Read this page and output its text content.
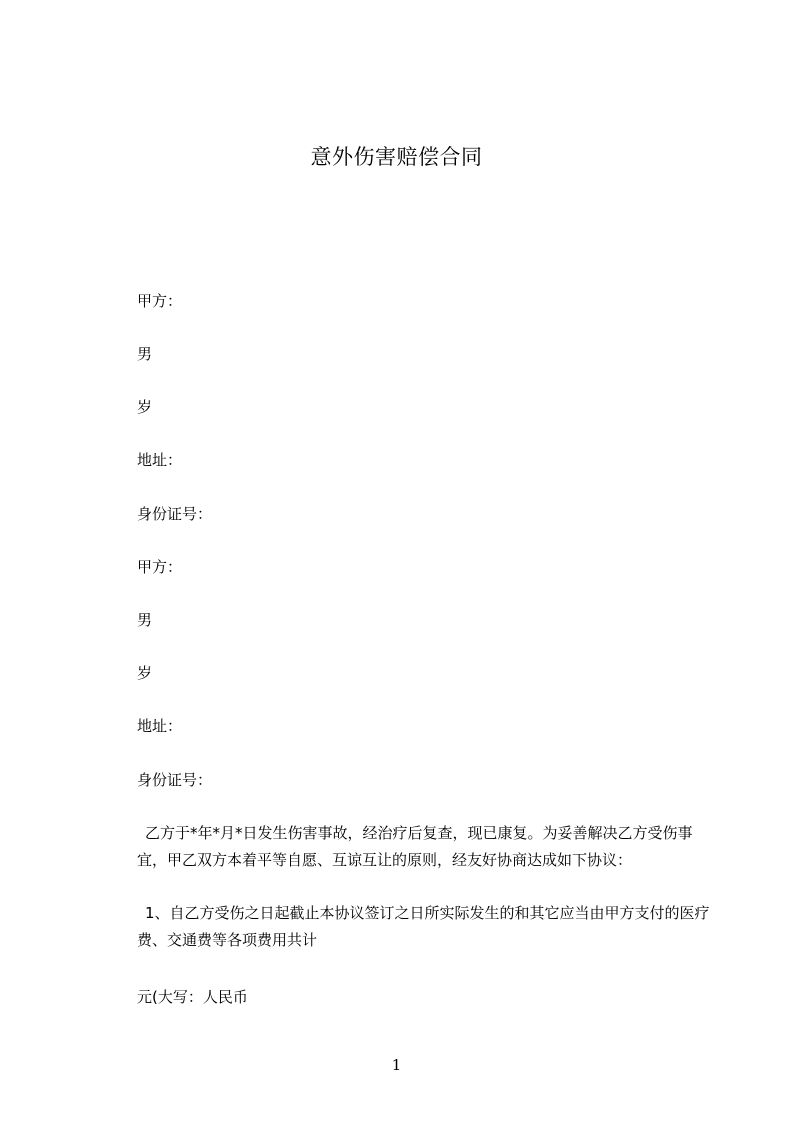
意外伤害赔偿合同
甲方：
男
岁
地址：
身份证号：
甲方：
男
岁
地址：
身份证号：
乙方于*年*月*日发生伤害事故，经治疗后复查，现已康复。为妥善解决乙方受伤事宜，甲乙双方本着平等自愿、互谅互让的原则，经友好协商达成如下协议：
1、自乙方受伤之日起截止本协议签订之日所实际发生的和其它应当由甲方支付的医疗费、交通费等各项费用共计
元(大写：人民币
1
